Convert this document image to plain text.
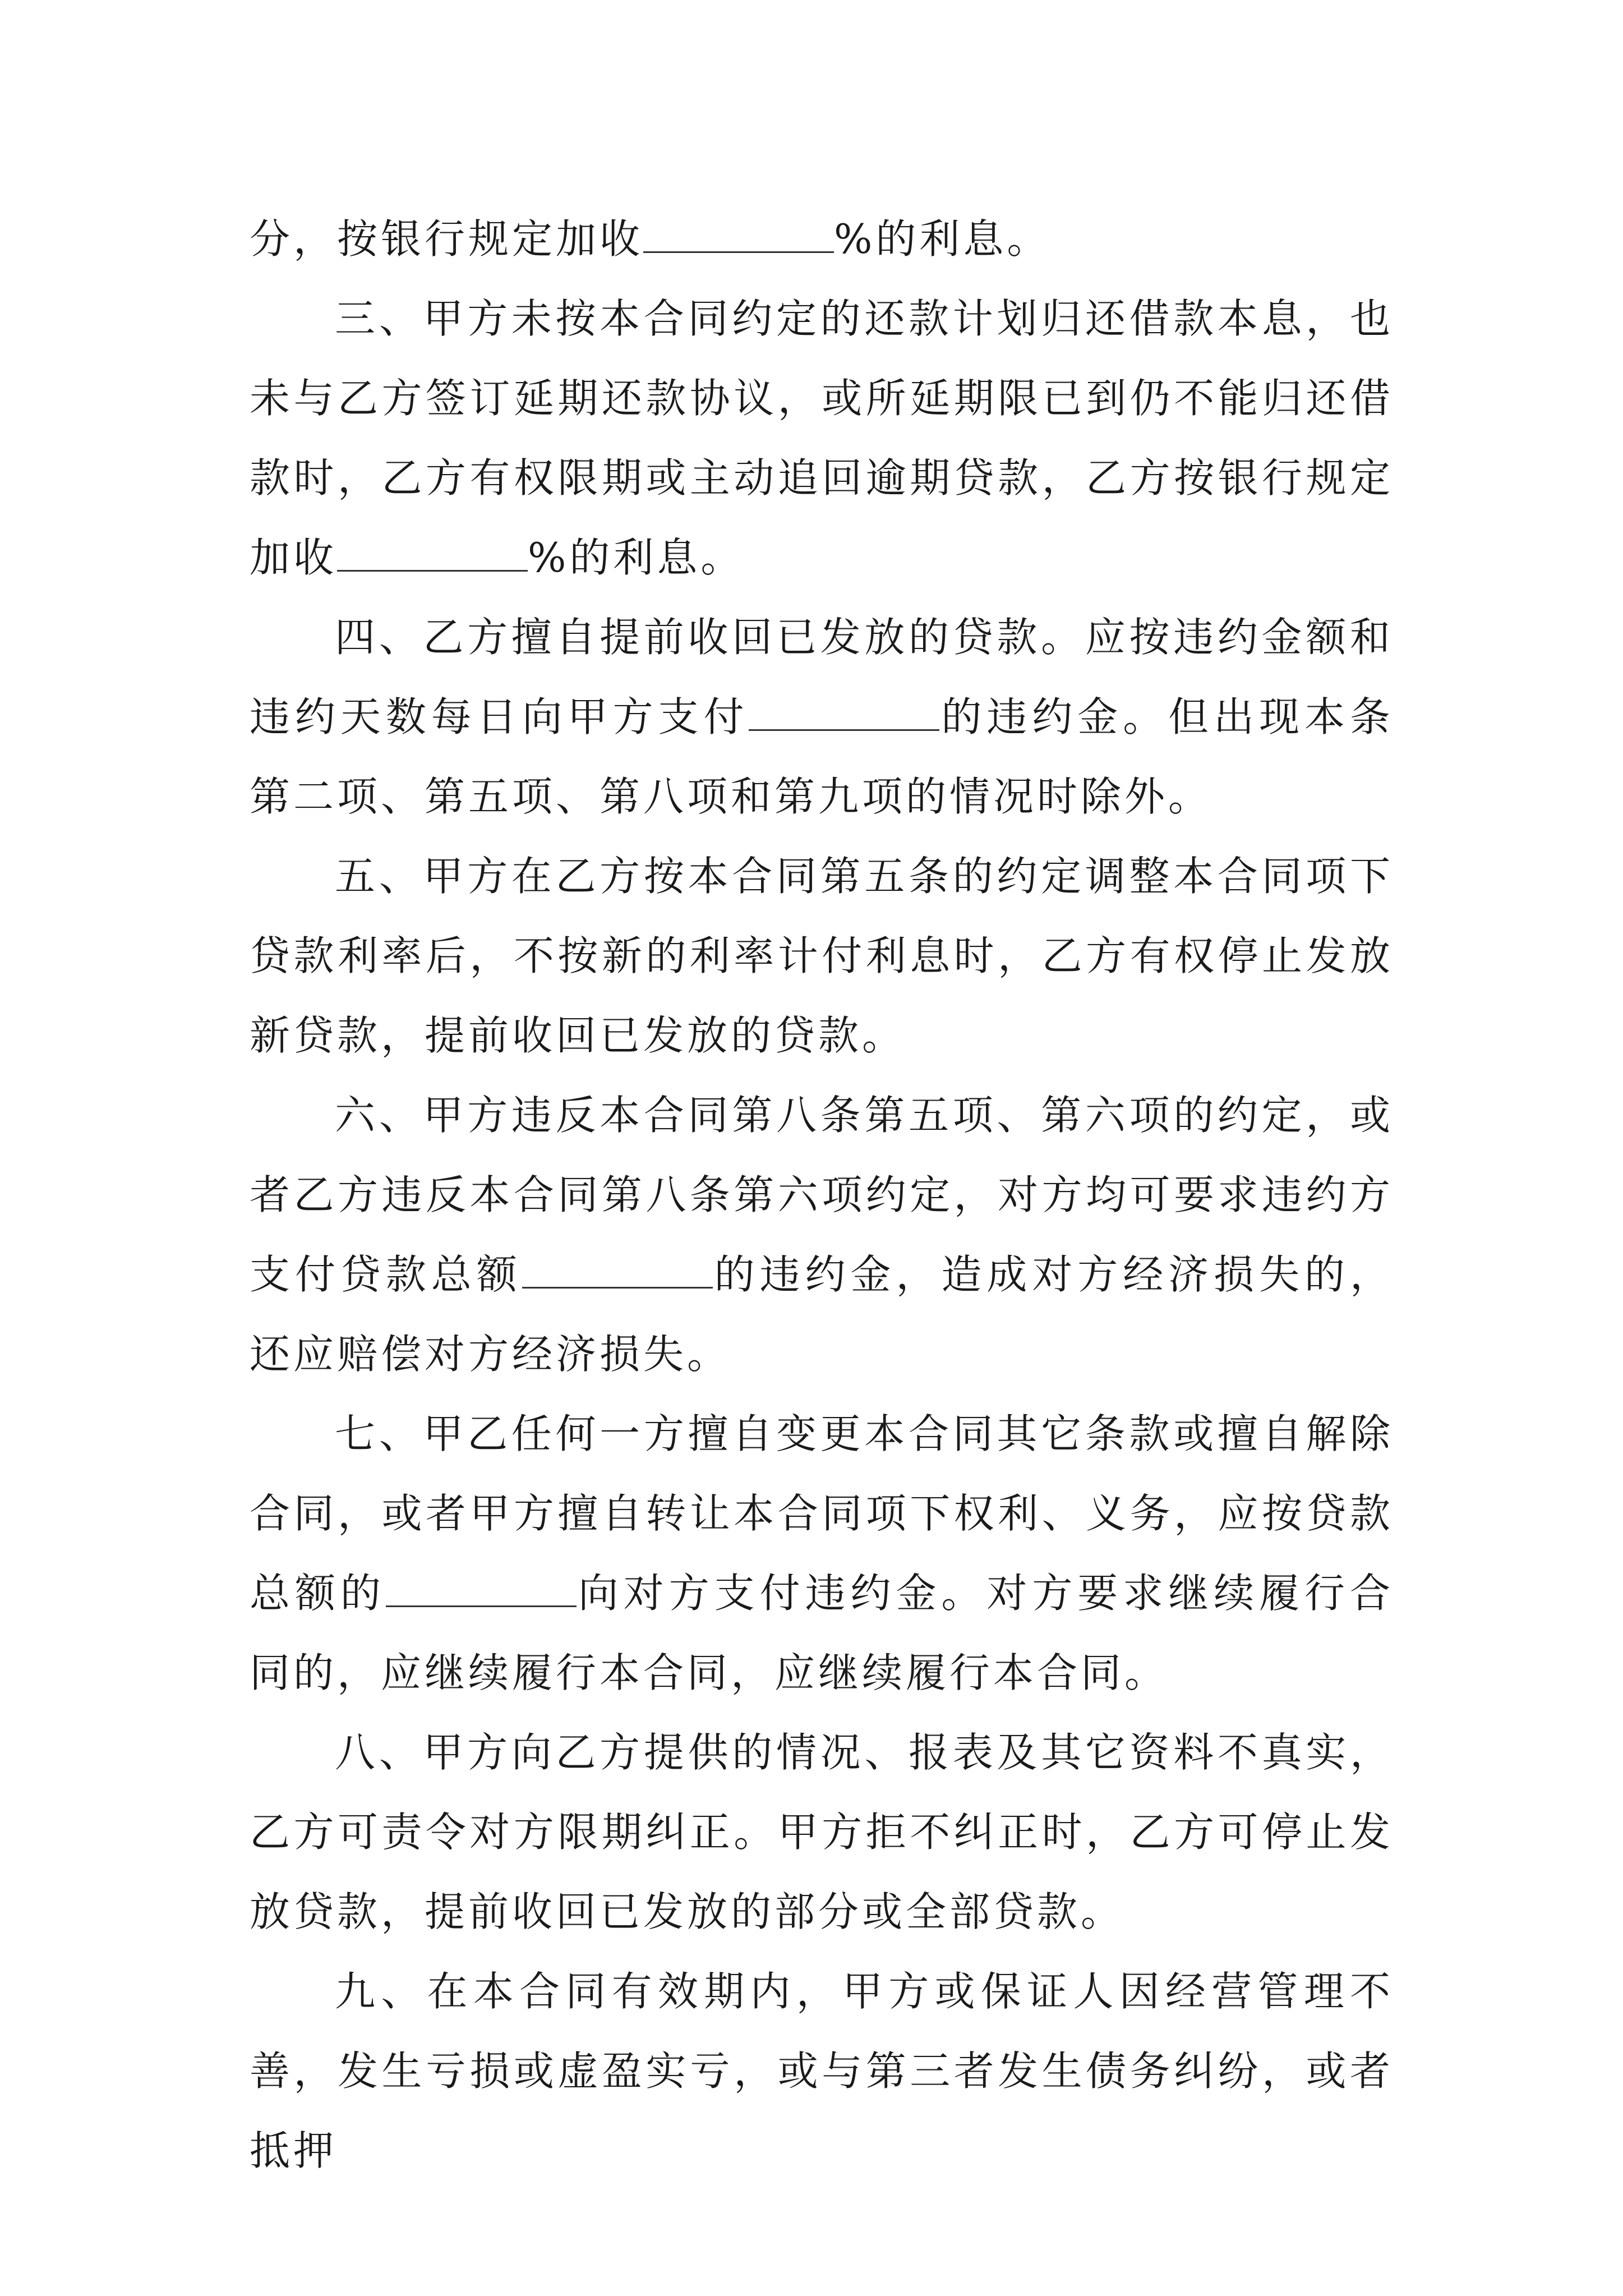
分，按银行规定加收	%的利息。

三、甲方未按本合同约定的还款计划归还借款本息，也未与乙方签订延期还款协议，或所延期限已到仍不能归还借款时，乙方有权限期或主动追回逾期贷款，乙方按银行规定加收	%的利息。

四、乙方擅自提前收回已发放的贷款。应按违约金额和违约天数每日向甲方支付	的违约金。但出现本条第二项、第五项、第八项和第九项的情况时除外。

五、甲方在乙方按本合同第五条的约定调整本合同项下贷款利率后，不按新的利率计付利息时，乙方有权停止发放新贷款，提前收回已发放的贷款。

六、甲方违反本合同第八条第五项、第六项的约定，或者乙方违反本合同第八条第六项约定，对方均可要求违约方支付贷款总额	的违约金，造成对方经济损失的，还应赔偿对方经济损失。

七、甲乙任何一方擅自变更本合同其它条款或擅自解除合同，或者甲方擅自转让本合同项下权利、义务，应按贷款总额的	向对方支付违约金。对方要求继续履行合同的，应继续履行本合同，应继续履行本合同。

八、甲方向乙方提供的情况、报表及其它资料不真实，乙方可责令对方限期纠正。甲方拒不纠正时，乙方可停止发放贷款，提前收回已发放的部分或全部贷款。

九、在本合同有效期内，甲方或保证人因经营管理不善，发生亏损或虚盈实亏，或与第三者发生债务纠纷，或者抵押
